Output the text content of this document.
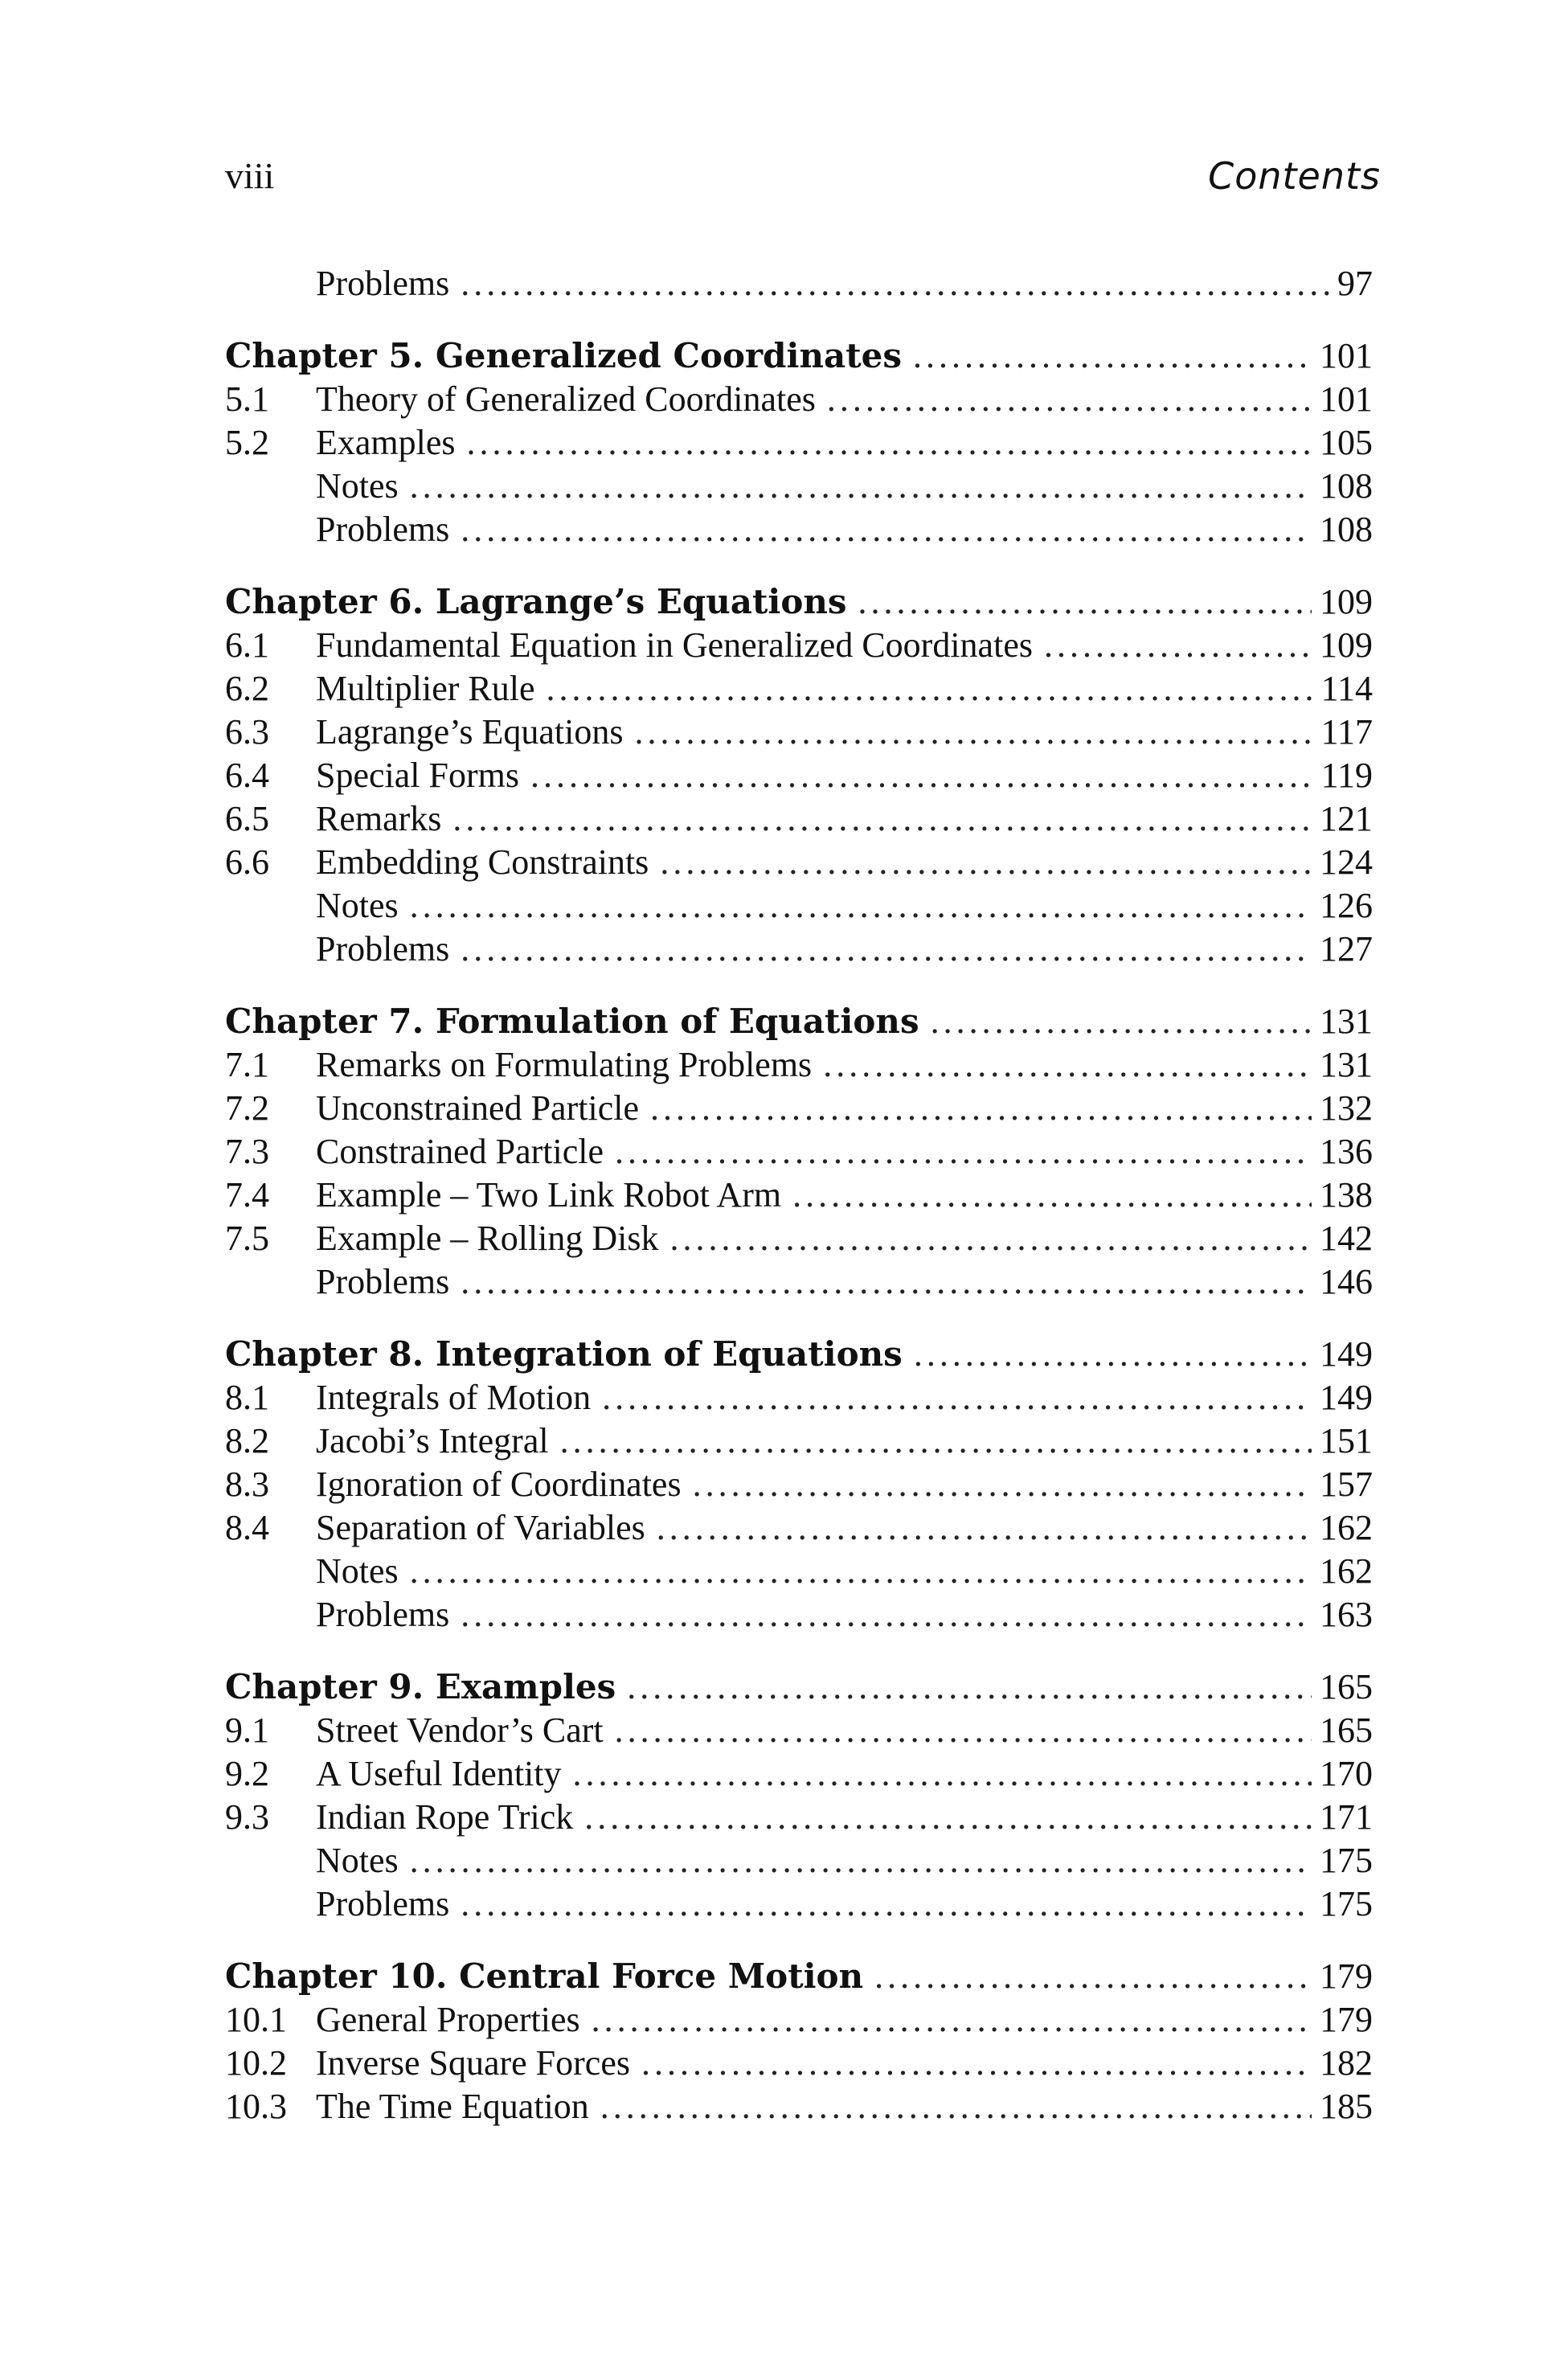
viii	Contents
Problems . . .	97
Chapter 5. Generalized Coordinates . . .	101
5.1	Theory of Generalized Coordinates . . .	101
5.2	Examples . . .	105
Notes . . .	108
Problems . . .	108
Chapter 6. Lagrange’s Equations . . .	109
6.1	Fundamental Equation in Generalized Coordinates . . .	109
6.2	Multiplier Rule . . .	114
6.3	Lagrange’s Equations . . .	117
6.4	Special Forms . . .	119
6.5	Remarks . . .	121
6.6	Embedding Constraints . . .	124
Notes . . .	126
Problems . . .	127
Chapter 7. Formulation of Equations . . .	131
7.1	Remarks on Formulating Problems . . .	131
7.2	Unconstrained Particle . . .	132
7.3	Constrained Particle . . .	136
7.4	Example – Two Link Robot Arm . . .	138
7.5	Example – Rolling Disk . . .	142
Problems . . .	146
Chapter 8. Integration of Equations . . .	149
8.1	Integrals of Motion . . .	149
8.2	Jacobi’s Integral . . .	151
8.3	Ignoration of Coordinates . . .	157
8.4	Separation of Variables . . .	162
Notes . . .	162
Problems . . .	163
Chapter 9. Examples . . .	165
9.1	Street Vendor’s Cart . . .	165
9.2	A Useful Identity . . .	170
9.3	Indian Rope Trick . . .	171
Notes . . .	175
Problems . . .	175
Chapter 10. Central Force Motion . . .	179
10.1 General Properties . . .	179
10.2 Inverse Square Forces . . .	182
10.3 The Time Equation . . .	185
